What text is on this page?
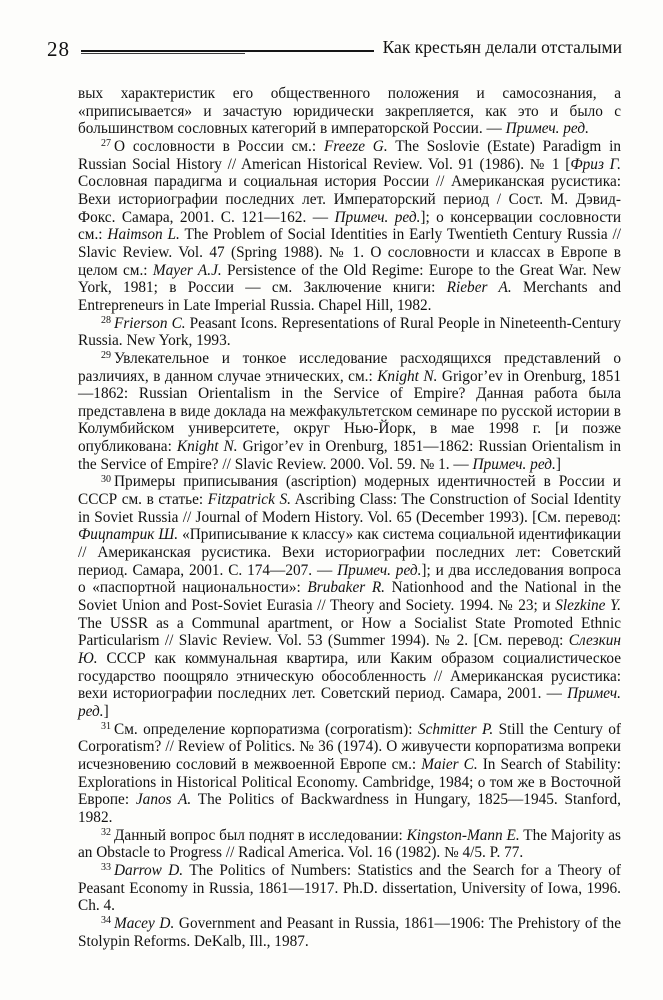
28	Как крестьян делали отсталыми

вых характеристик его общественного положения и самосознания, а «приписывается» и зачастую юридически закрепляется, как это и было с большинством сословных категорий в императорской России. — Примеч. ред.

$^{27}$ О сословности в России см.: Freeze G. The Soslovie (Estate) Paradigm in Russian Social History // American Historical Review. Vol. 91 (1986). № 1 [Фриз Г. Сословная парадигма и социальная история России // Американская русистика: Вехи историографии последних лет. Императорский период / Сост. М. Дэвид-Фокс. Самара, 2001. С. 121—162. — Примеч. ред.]; о консервации сословности см.: Haimson L. The Problem of Social Identities in Early Twentieth Century Russia // Slavic Review. Vol. 47 (Spring 1988). № 1. О сословности и классах в Европе в целом см.: Mayer A.J. Persistence of the Old Regime: Europe to the Great War. New York, 1981; в России — см. Заключение книги: Rieber A. Merchants and Entrepreneurs in Late Imperial Russia. Chapel Hill, 1982.

$^{28}$ Frierson C. Peasant Icons. Representations of Rural People in Nineteenth-Century Russia. New York, 1993.

$^{29}$ Увлекательное и тонкое исследование расходящихся представлений о различиях, в данном случае этнических, см.: Knight N. Grigor’ev in Orenburg, 1851—1862: Russian Orientalism in the Service of Empire? Данная работа была представлена в виде доклада на межфакультетском семинаре по русской истории в Колумбийском университете, округ Нью-Йорк, в мае 1998 г. [и позже опубликована: Knight N. Grigor’ev in Orenburg, 1851—1862: Russian Orientalism in the Service of Empire? // Slavic Review. 2000. Vol. 59. № 1. — Примеч. ред.]

$^{30}$ Примеры приписывания (ascription) модерных идентичностей в России и СССР см. в статье: Fitzpatrick S. Ascribing Class: The Construction of Social Identity in Soviet Russia // Journal of Modern History. Vol. 65 (December 1993). [См. перевод: Фицпатрик Ш. «Приписывание к классу» как система социальной идентификации // Американская русистика. Вехи историографии последних лет: Советский период. Самара, 2001. С. 174—207. — Примеч. ред.]; и два исследования вопроса о «паспортной национальности»: Brubaker R. Nationhood and the National in the Soviet Union and Post-Soviet Eurasia // Theory and Society. 1994. № 23; и Slezkine Y. The USSR as a Communal apartment, or How a Socialist State Promoted Ethnic Particularism // Slavic Review. Vol. 53 (Summer 1994). № 2. [См. перевод: Слезкин Ю. СССР как коммунальная квартира, или Каким образом социалистическое государство поощряло этническую обособленность // Американская русистика: вехи историографии последних лет. Советский период. Самара, 2001. — Примеч. ред.]

$^{31}$ См. определение корпоратизма (corporatism): Schmitter P. Still the Century of Corporatism? // Review of Politics. № 36 (1974). О живучести корпоратизма вопреки исчезновению сословий в межвоенной Европе см.: Maier C. In Search of Stability: Explorations in Historical Political Economy. Cambridge, 1984; о том же в Восточной Европе: Janos A. The Politics of Backwardness in Hungary, 1825—1945. Stanford, 1982.

$^{32}$ Данный вопрос был поднят в исследовании: Kingston-Mann E. The Majority as an Obstacle to Progress // Radical America. Vol. 16 (1982). № 4/5. P. 77.

$^{33}$ Darrow D. The Politics of Numbers: Statistics and the Search for a Theory of Peasant Economy in Russia, 1861—1917. Ph.D. dissertation, University of Iowa, 1996. Ch. 4.

$^{34}$ Macey D. Government and Peasant in Russia, 1861—1906: The Prehistory of the Stolypin Reforms. DeKalb, Ill., 1987.
